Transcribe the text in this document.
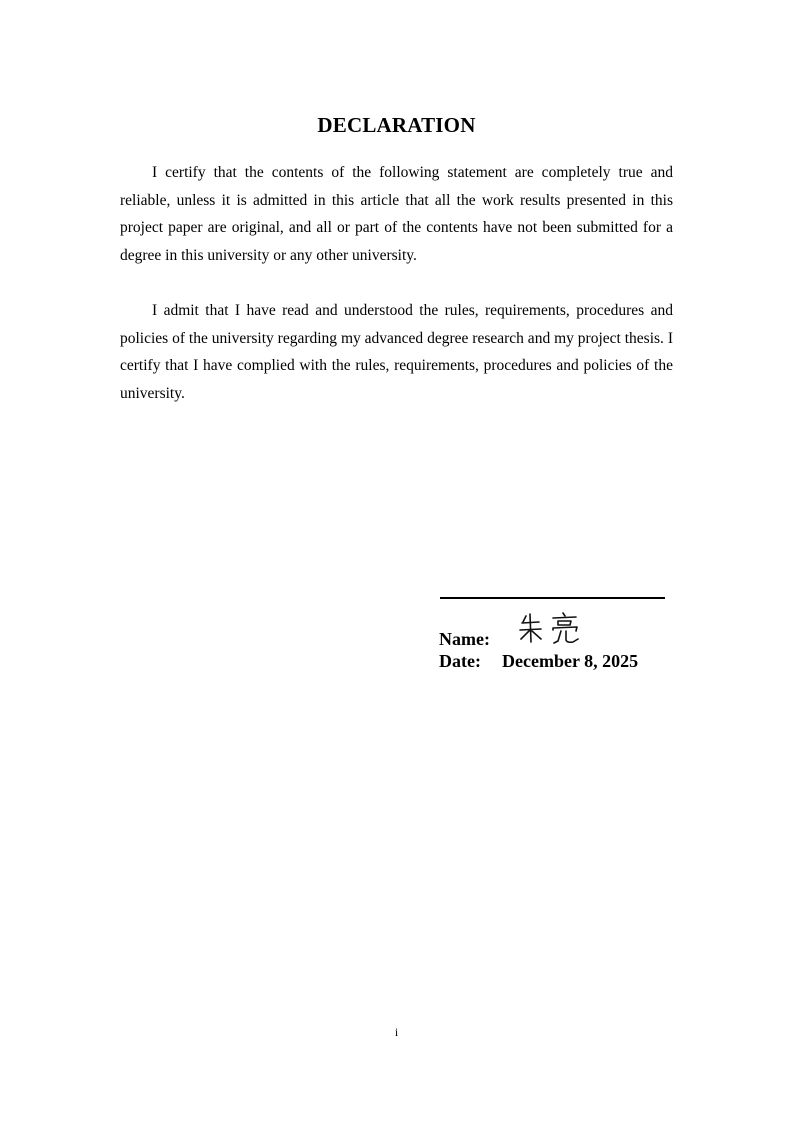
DECLARATION

I certify that the contents of the following statement are completely true and reliable, unless it is admitted in this article that all the work results presented in this project paper are original, and all or part of the contents have not been submitted for a degree in this university or any other university.

I admit that I have read and understood the rules, requirements, procedures and policies of the university regarding my advanced degree research and my project thesis. I certify that I have complied with the rules, requirements, procedures and policies of the university.

Name:
Date: December 8, 2025
i
